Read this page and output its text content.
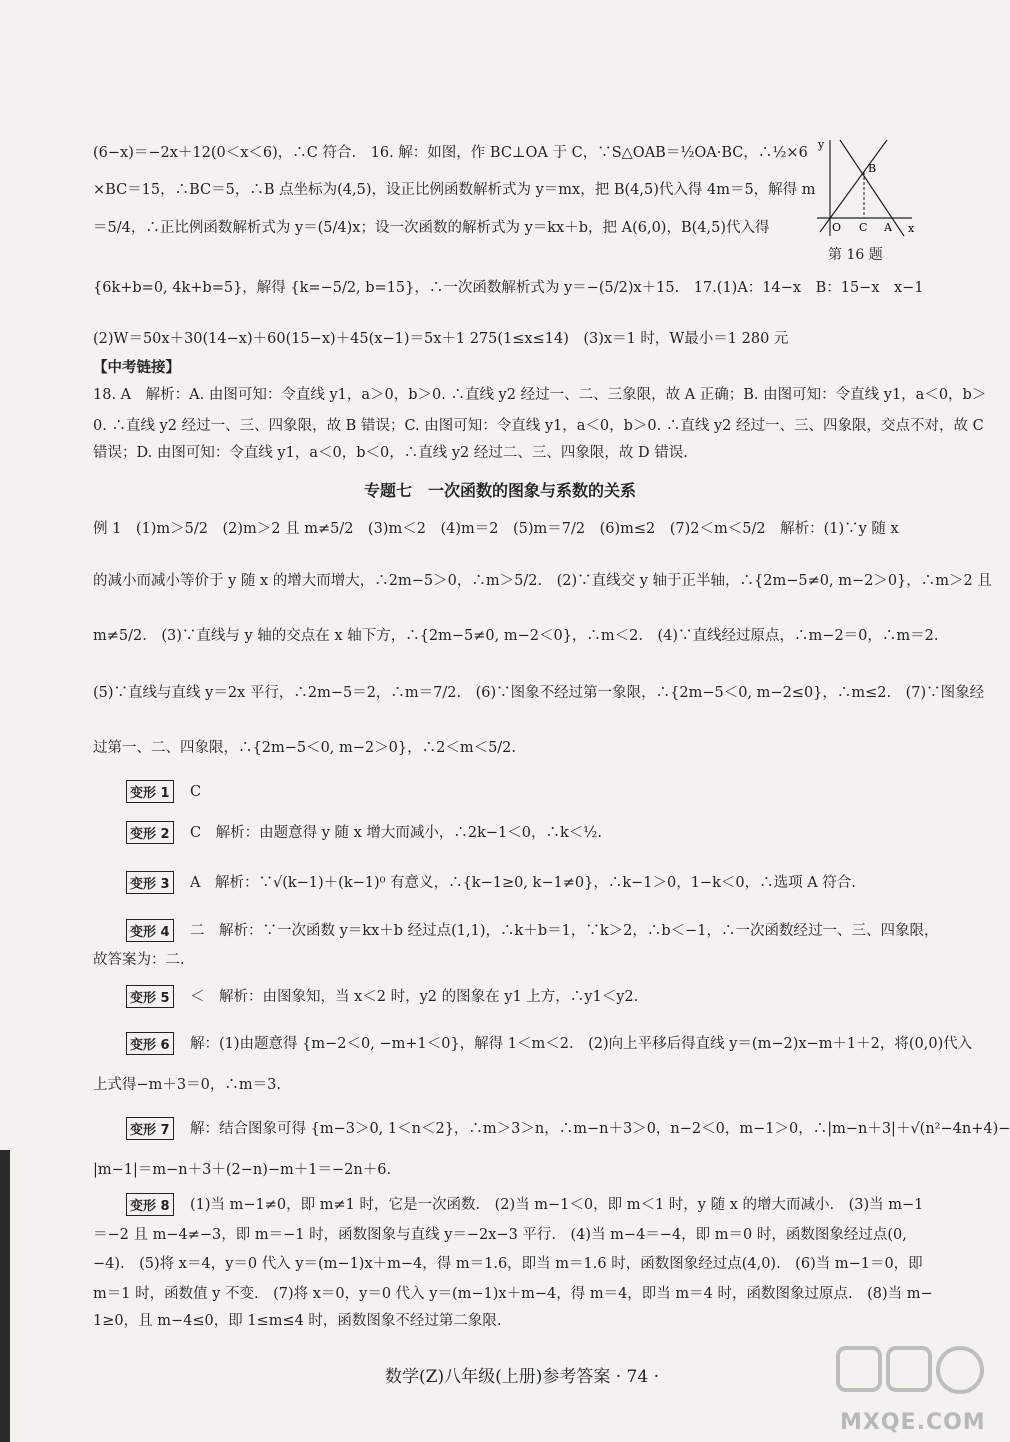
(6−x)＝−2x＋12(0＜x＜6)，∴C 符合.　16. 解：如图，作 BC⊥OA 于 C，∵S△OAB＝½OA·BC，∴½×6
×BC＝15，∴BC＝5，∴B 点坐标为(4,5)，设正比例函数解析式为 y＝mx，把 B(4,5)代入得 4m＝5，解得 m
＝5/4，∴正比例函数解析式为 y＝(5/4)x；设一次函数的解析式为 y＝kx＋b，把 A(6,0)，B(4,5)代入得
{6k+b=0, 4k+b=5}，解得 {k=−5/2, b=15}，∴一次函数解析式为 y＝−(5/2)x＋15.　17.(1)A：14−x　B：15−x　x−1
(2)W＝50x＋30(14−x)＋60(15−x)＋45(x−1)＝5x＋1 275(1≤x≤14)　(3)x＝1 时，W最小＝1 280 元
y
x
O C A
B
第 16 题
【中考链接】
18. A　解析：A. 由图可知：令直线 y1，a＞0，b＞0. ∴直线 y2 经过一、二、三象限，故 A 正确；B. 由图可知：令直线 y1，a＜0，b＞
0. ∴直线 y2 经过一、三、四象限，故 B 错误；C. 由图可知：令直线 y1，a＜0，b＞0. ∴直线 y2 经过一、三、四象限，交点不对，故 C
错误；D. 由图可知：令直线 y1，a＜0，b＜0，∴直线 y2 经过二、三、四象限，故 D 错误.
专题七　一次函数的图象与系数的关系
例 1　(1)m＞5/2　(2)m＞2 且 m≠5/2　(3)m＜2　(4)m＝2　(5)m＝7/2　(6)m≤2　(7)2＜m＜5/2　解析：(1)∵y 随 x
的减小而减小等价于 y 随 x 的增大而增大，∴2m−5＞0，∴m＞5/2.　(2)∵直线交 y 轴于正半轴，∴{2m−5≠0, m−2＞0}，∴m＞2 且
m≠5/2.　(3)∵直线与 y 轴的交点在 x 轴下方，∴{2m−5≠0, m−2＜0}，∴m＜2.　(4)∵直线经过原点，∴m−2＝0，∴m＝2.
(5)∵直线与直线 y＝2x 平行，∴2m−5＝2，∴m＝7/2.　(6)∵图象不经过第一象限，∴{2m−5＜0, m−2≤0}，∴m≤2.　(7)∵图象经
过第一、二、四象限，∴{2m−5＜0, m−2＞0}，∴2＜m＜5/2.
变形 1 C
变形 2 C　解析：由题意得 y 随 x 增大而减小，∴2k−1＜0，∴k＜½.
变形 3 A　解析：∵√(k−1)＋(k−1)⁰ 有意义，∴{k−1≥0, k−1≠0}，∴k−1＞0，1−k＜0，∴选项 A 符合.
变形 4 二　解析：∵一次函数 y＝kx＋b 经过点(1,1)，∴k＋b＝1，∵k＞2，∴b＜−1，∴一次函数经过一、三、四象限，
故答案为：二.
变形 5 ＜　解析：由图象知，当 x＜2 时，y2 的图象在 y1 上方，∴y1＜y2.
变形 6 解：(1)由题意得 {m−2＜0, −m+1＜0}，解得 1＜m＜2.　(2)向上平移后得直线 y＝(m−2)x−m＋1＋2，将(0,0)代入
上式得−m＋3＝0，∴m＝3.
变形 7 解：结合图象可得 {m−3＞0, 1＜n＜2}，∴m＞3＞n，∴m−n＋3＞0，n−2＜0，m−1＞0，∴|m−n＋3|＋√(n²−4n+4)−
|m−1|＝m−n＋3＋(2−n)−m＋1＝−2n＋6.
变形 8 (1)当 m−1≠0，即 m≠1 时，它是一次函数.　(2)当 m−1＜0，即 m＜1 时，y 随 x 的增大而减小.　(3)当 m−1
＝−2 且 m−4≠−3，即 m＝−1 时，函数图象与直线 y＝−2x−3 平行.　(4)当 m−4＝−4，即 m＝0 时，函数图象经过点(0,
−4).　(5)将 x＝4，y＝0 代入 y＝(m−1)x＋m−4，得 m＝1.6，即当 m＝1.6 时，函数图象经过点(4,0).　(6)当 m−1＝0，即
m＝1 时，函数值 y 不变.　(7)将 x＝0，y＝0 代入 y＝(m−1)x＋m−4，得 m＝4，即当 m＝4 时，函数图象过原点.　(8)当 m−
1≥0，且 m−4≤0，即 1≤m≤4 时，函数图象不经过第二象限.
数学(Z)八年级(上册)参考答案 · 74 ·
MXQE.COM
